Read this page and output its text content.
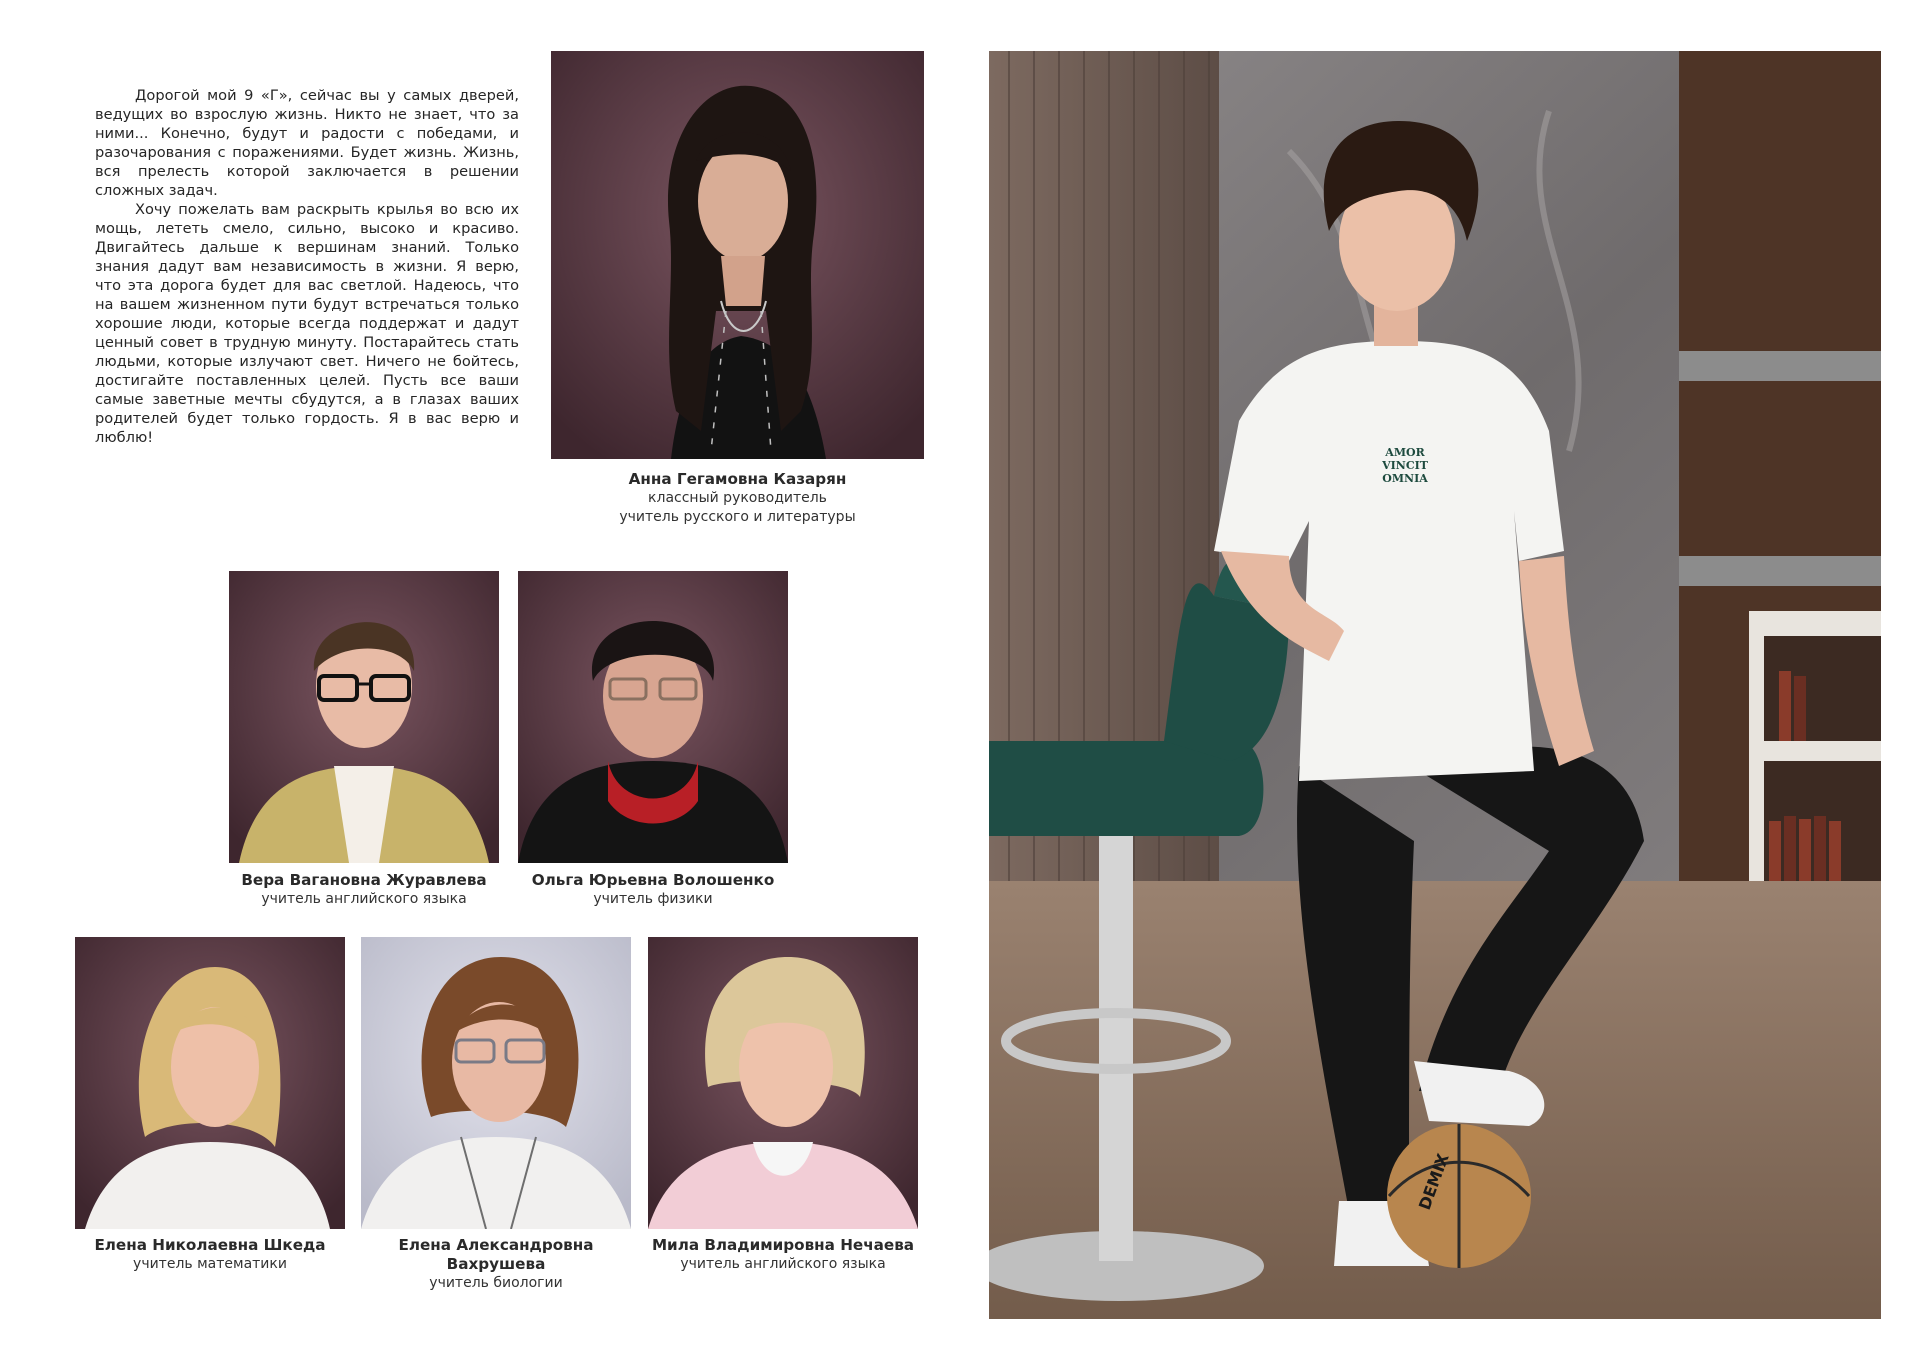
Дорогой мой 9 «Г», сейчас вы у самых дверей, ведущих во взрослую жизнь. Никто не знает, что за ними... Конечно, будут и радости с победами, и разочарования с поражениями. Будет жизнь. Жизнь, вся прелесть которой заключается в решении сложных задач.

Хочу пожелать вам раскрыть крылья во всю их мощь, лететь смело, сильно, высоко и красиво. Двигайтесь дальше к вершинам знаний. Только знания дадут вам независимость в жизни. Я верю, что эта дорога будет для вас светлой. Надеюсь, что на вашем жизненном пути будут встречаться только хорошие люди, которые всегда поддержат и дадут ценный совет в трудную минуту. Постарайтесь стать людьми, которые излучают свет. Ничего не бойтесь, достигайте поставленных целей. Пусть все ваши самые заветные мечты сбудутся, а в глазах ваших родителей будет только гордость. Я в вас верю и люблю!

Анна Гегамовна Казарян
классный руководитель
учитель русского и литературы
Вера Вагановна Журавлева
учитель английского языка
Ольга Юрьевна Волошенко
учитель физики
Елена Николаевна Шкеда
учитель математики
Елена Александровна Вахрушева
учитель биологии
Мила Владимировна Нечаева
учитель английского языка
AMOR
VINCIT
OMNIA
DEMIX
